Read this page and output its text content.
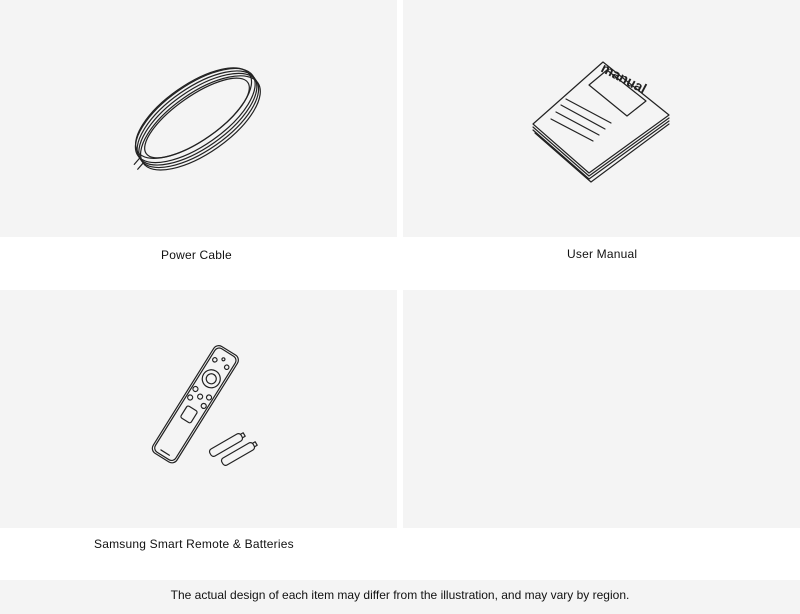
manual
Power Cable	User Manual
Samsung Smart Remote & Batteries
The actual design of each item may differ from the illustration, and may vary by region.
